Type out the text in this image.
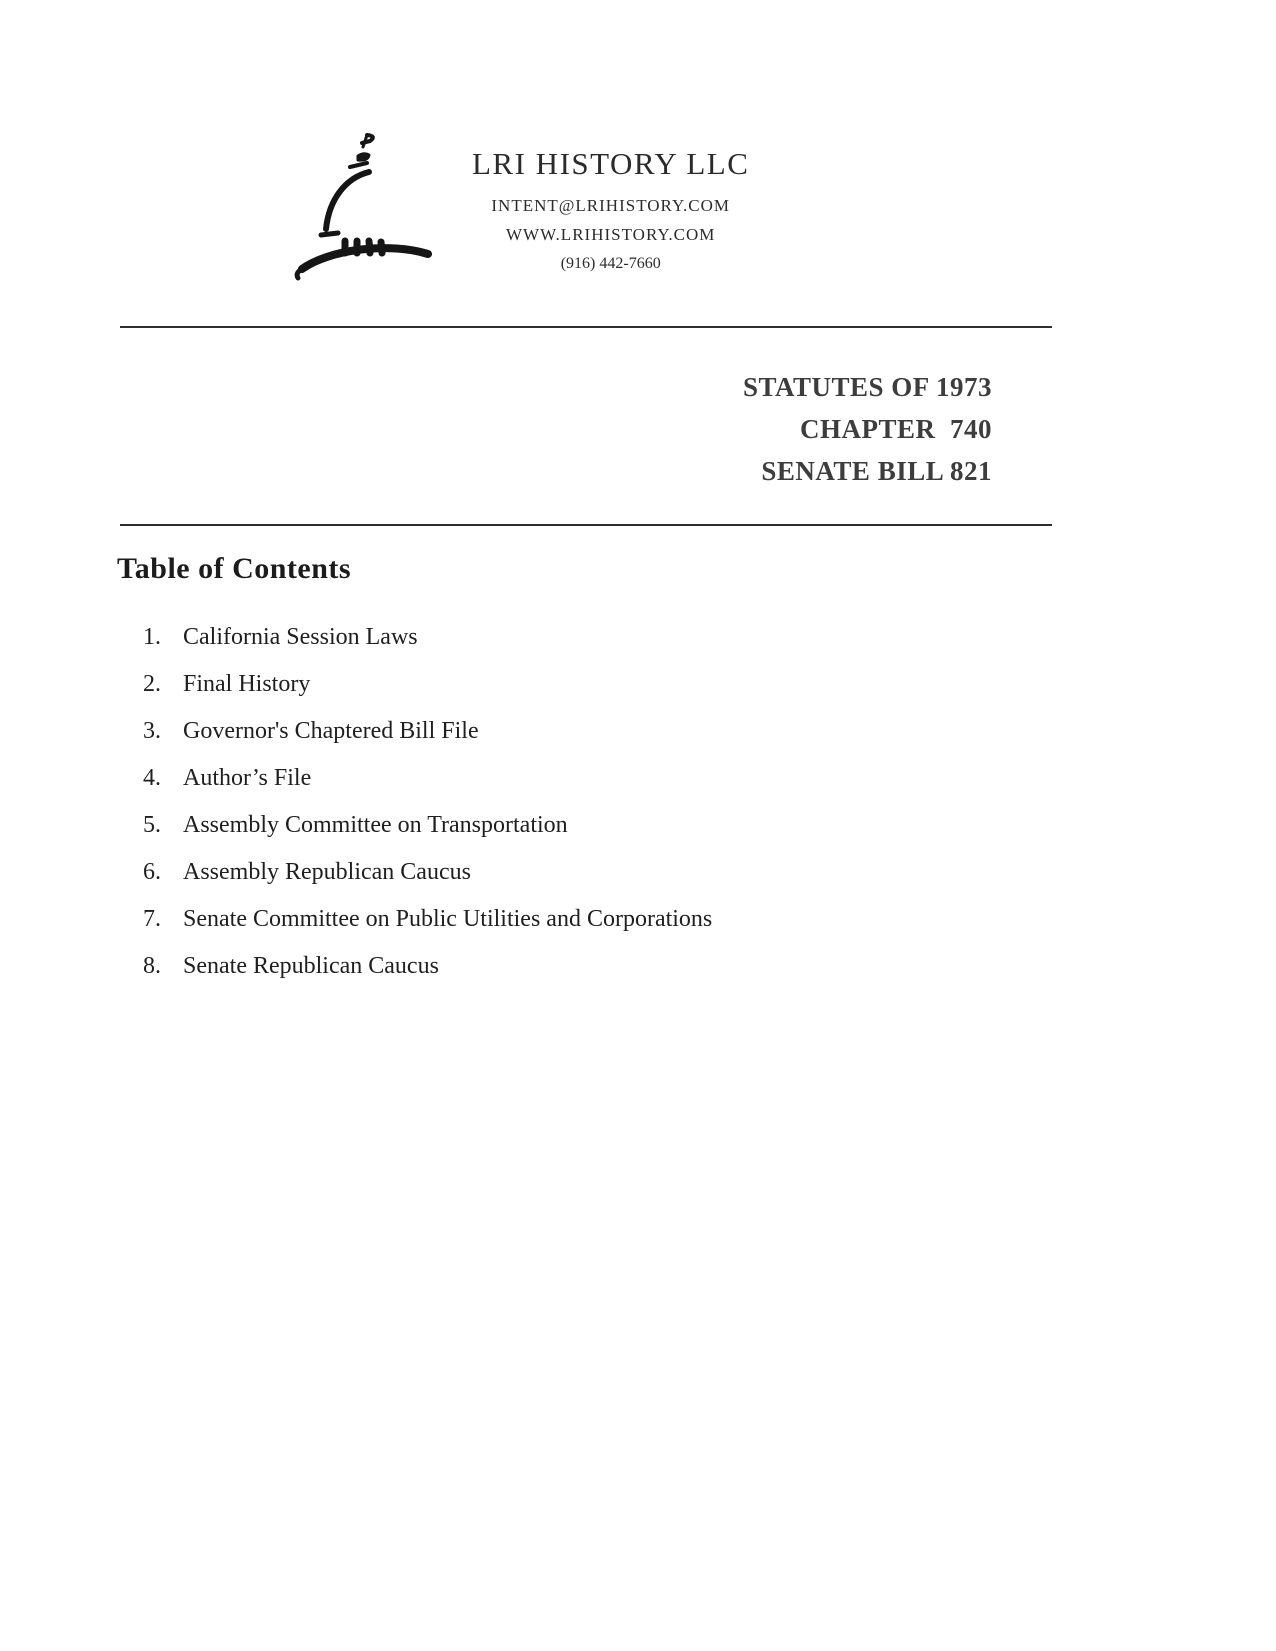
LRI HISTORY LLC
INTENT@LRIHISTORY.COM
WWW.LRIHISTORY.COM
(916) 442-7660
STATUTES OF 1973
CHAPTER  740
SENATE BILL 821
Table of Contents
1. California Session Laws
2. Final History
3. Governor's Chaptered Bill File
4. Author’s File
5. Assembly Committee on Transportation
6. Assembly Republican Caucus
7. Senate Committee on Public Utilities and Corporations
8. Senate Republican Caucus
